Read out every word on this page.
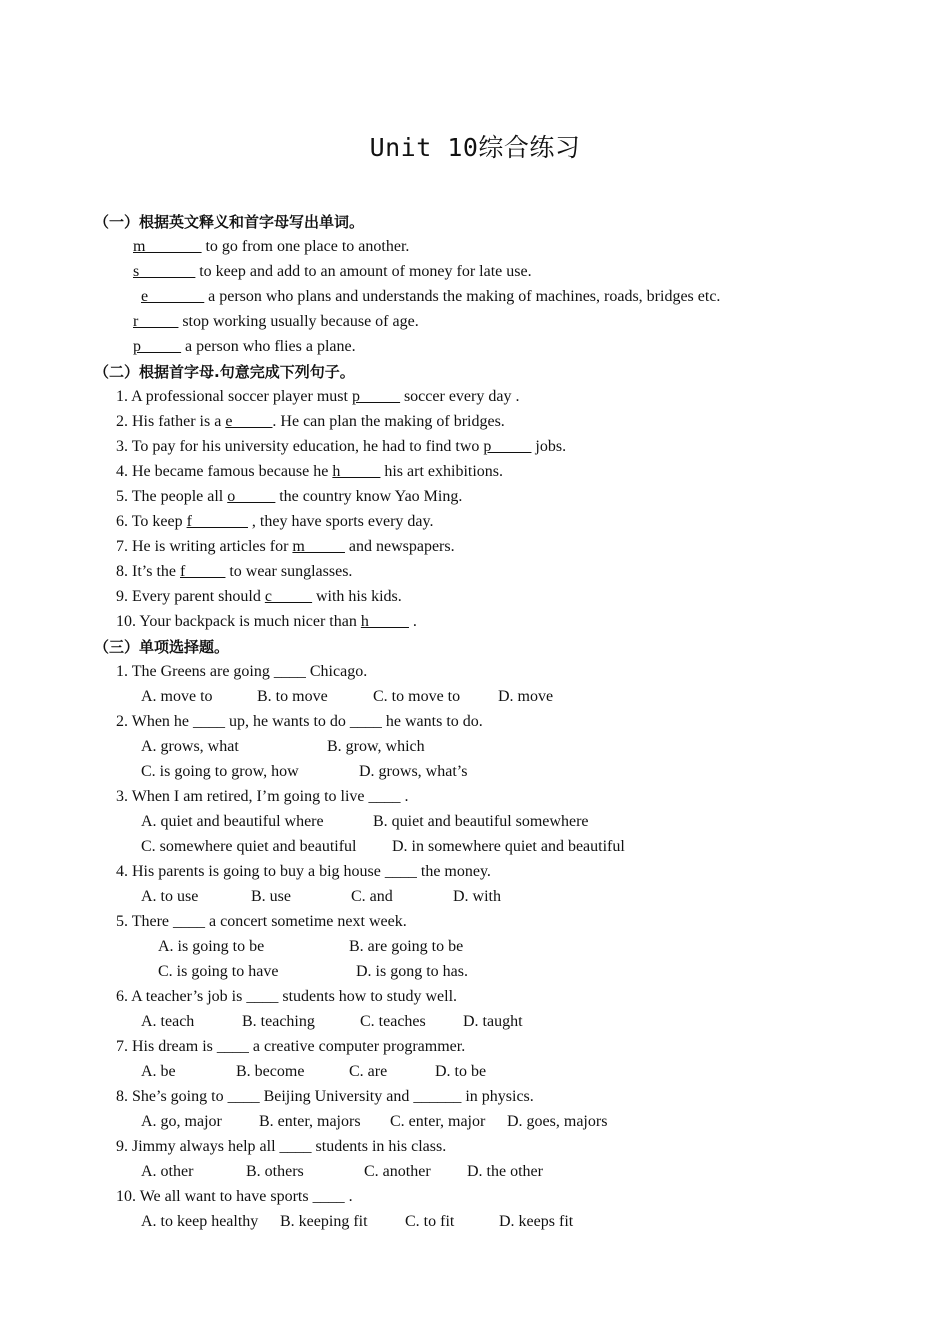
Unit 10综合练习
（一）根据英文释义和首字母写出单词。
m_______ to go from one place to another.
s_______ to keep and add to an amount of money for late use.
e_______ a person who plans and understands the making of machines, roads, bridges etc.
r_____ stop working usually because of age.
p_____ a person who flies a plane.
（二）根据首字母.句意完成下列句子。
1. A professional soccer player must p_____ soccer every day .
2. His father is a e_____. He can plan the making of bridges.
3. To pay for his university education, he had to find two p_____ jobs.
4. He became famous because he h_____ his art exhibitions.
5. The people all o_____ the country know Yao Ming.
6. To keep f_______ , they have sports every day.
7. He is writing articles for m_____ and newspapers.
8. It’s the f_____ to wear sunglasses.
9. Every parent should c_____ with his kids.
10. Your backpack is much nicer than h_____ .
（三）单项选择题。
1. The Greens are going ____ Chicago.
A. move to	B. to move	C. to move to D. move
2. When he ____ up, he wants to do ____ he wants to do.
A. grows, what	B. grow, which
C. is going to grow, how	D. grows, what’s
3. When I am retired, I’m going to live ____ .
A. quiet and beautiful where	B. quiet and beautiful somewhere
C. somewhere quiet and beautiful D. in somewhere quiet and beautiful
4. His parents is going to buy a big house ____ the money.
A. to use	B. use	C. and	D. with
5. There ____ a concert sometime next week.
A. is going to be	B. are going to be
C. is going to have	D. is gong to has.
6. A teacher’s job is ____ students how to study well.
A. teach	B. teaching	C. teaches D. taught
7. His dream is ____ a creative computer programmer.
A. be	B. become	C. are	D. to be
8. She’s going to ____ Beijing University and ______ in physics.
A. go, major B. enter, majors C. enter, major D. goes, majors
9. Jimmy always help all ____ students in his class.
A. other	B. others	C. another D. the other
10. We all want to have sports ____ .
A. to keep healthy B. keeping fit C. to fit	D. keeps fit
